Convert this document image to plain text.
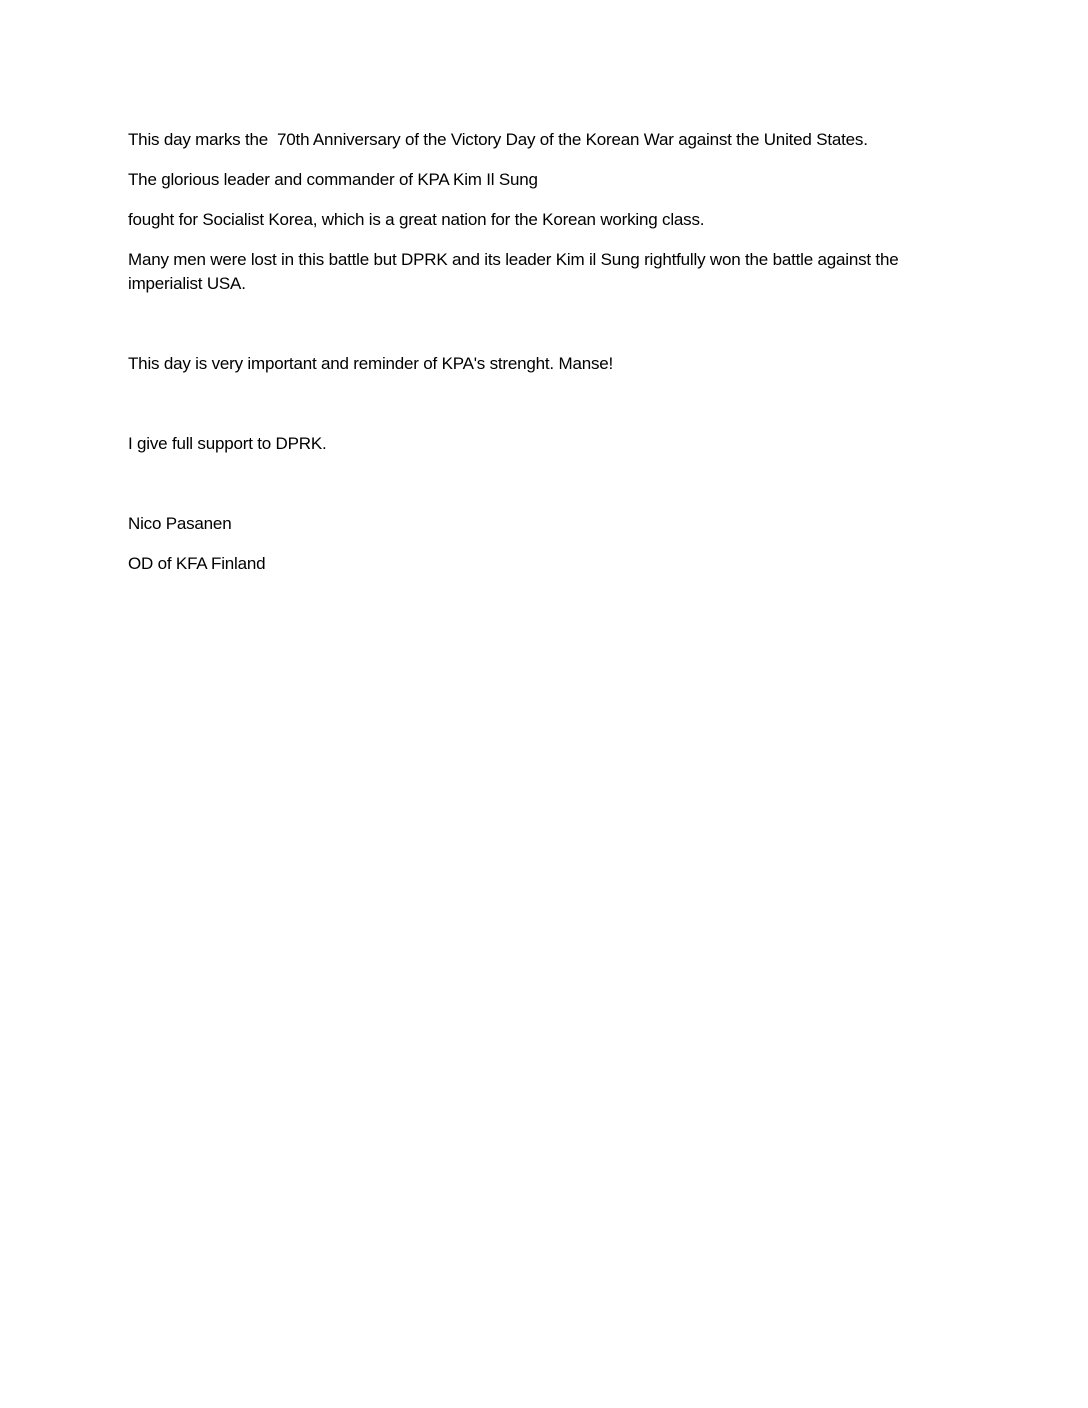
This day marks the  70th Anniversary of the Victory Day of the Korean War against the United States.

The glorious leader and commander of KPA Kim Il Sung

fought for Socialist Korea, which is a great nation for the Korean working class.

Many men were lost in this battle but DPRK and its leader Kim il Sung rightfully won the battle against the imperialist USA.

This day is very important and reminder of KPA's strenght. Manse!

I give full support to DPRK.

Nico Pasanen

OD of KFA Finland
